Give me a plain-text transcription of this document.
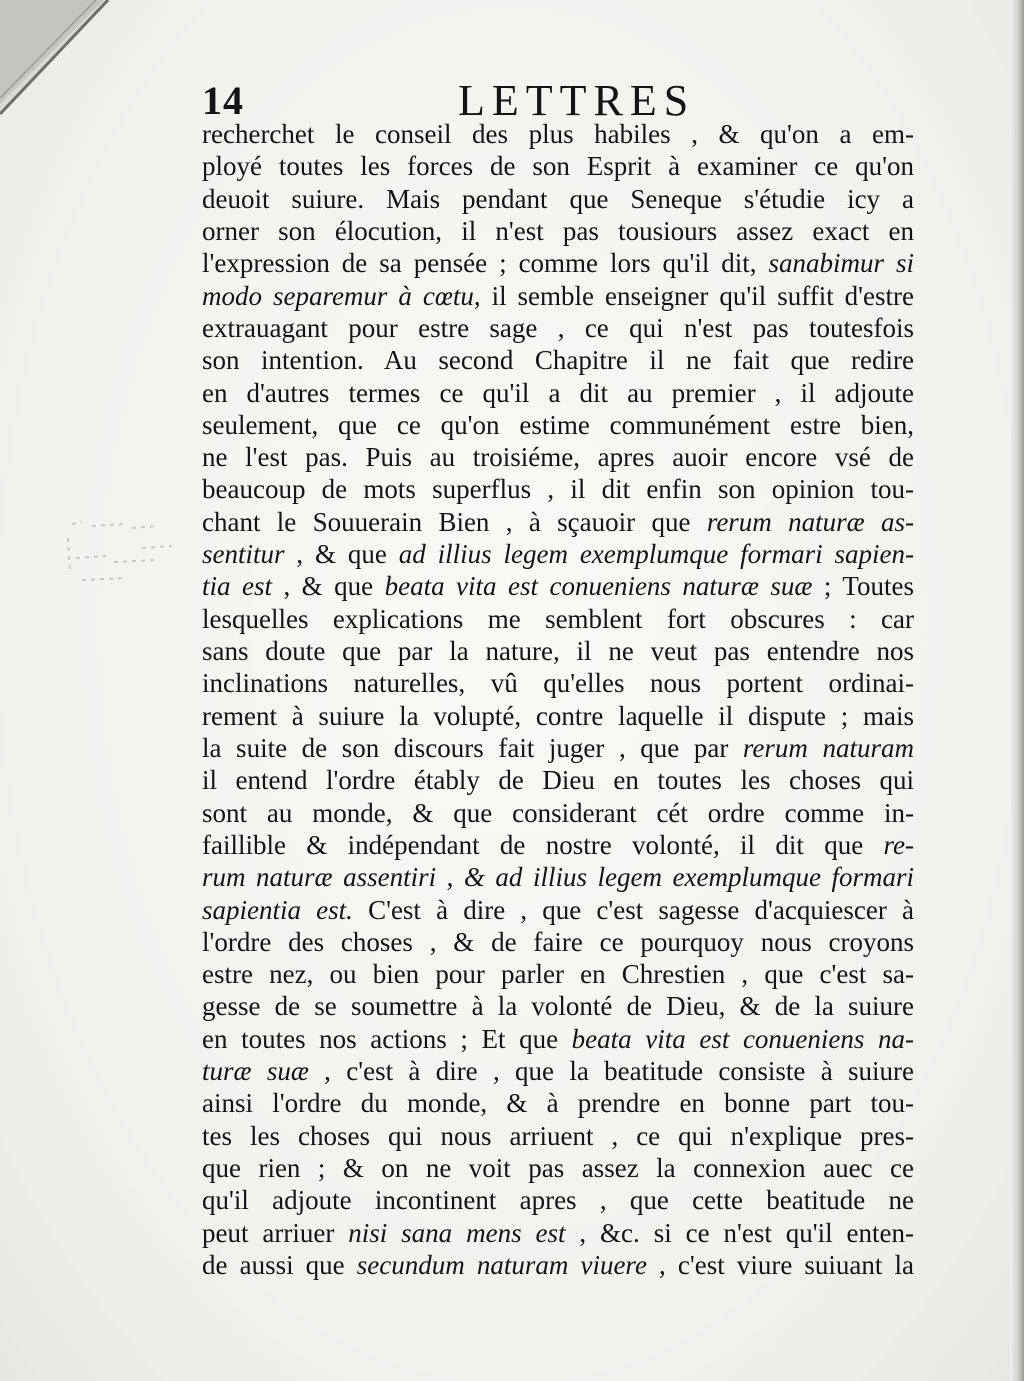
14	LETTRES
recherchet le conseil des plus habiles , & qu'on a em-
ployé toutes les forces de son Esprit à examiner ce qu'on
deuoit suiure. Mais pendant que Seneque s'étudie icy a
orner son élocution, il n'est pas tousiours assez exact en
l'expression de sa pensée ; comme lors qu'il dit, sanabimur si
modo separemur à cœtu, il semble enseigner qu'il suffit d'estre
extrauagant pour estre sage , ce qui n'est pas toutesfois
son intention. Au second Chapitre il ne fait que redire
en d'autres termes ce qu'il a dit au premier , il adjoute
seulement, que ce qu'on estime communément estre bien,
ne l'est pas. Puis au troisiéme, apres auoir encore vsé de
beaucoup de mots superflus , il dit enfin son opinion tou-
chant le Souuerain Bien , à sçauoir que rerum naturæ as-
sentitur , & que ad illius legem exemplumque formari sapien-
tia est , & que beata vita est conueniens naturæ suæ ; Toutes
lesquelles explications me semblent fort obscures : car
sans doute que par la nature, il ne veut pas entendre nos
inclinations naturelles, vû qu'elles nous portent ordinai-
rement à suiure la volupté, contre laquelle il dispute ; mais
la suite de son discours fait juger , que par rerum naturam
il entend l'ordre étably de Dieu en toutes les choses qui
sont au monde, & que considerant cét ordre comme in-
faillible & indépendant de nostre volonté, il dit que re-
rum naturæ assentiri , & ad illius legem exemplumque formari
sapientia est. C'est à dire , que c'est sagesse d'acquiescer à
l'ordre des choses , & de faire ce pourquoy nous croyons
estre nez, ou bien pour parler en Chrestien , que c'est sa-
gesse de se soumettre à la volonté de Dieu, & de la suiure
en toutes nos actions ; Et que beata vita est conueniens na-
turæ suæ , c'est à dire , que la beatitude consiste à suiure
ainsi l'ordre du monde, & à prendre en bonne part tou-
tes les choses qui nous arriuent , ce qui n'explique pres-
que rien ; & on ne voit pas assez la connexion auec ce
qu'il adjoute incontinent apres , que cette beatitude ne
peut arriuer nisi sana mens est , &c. si ce n'est qu'il enten-
de aussi que secundum naturam viuere , c'est viure suiuant la
